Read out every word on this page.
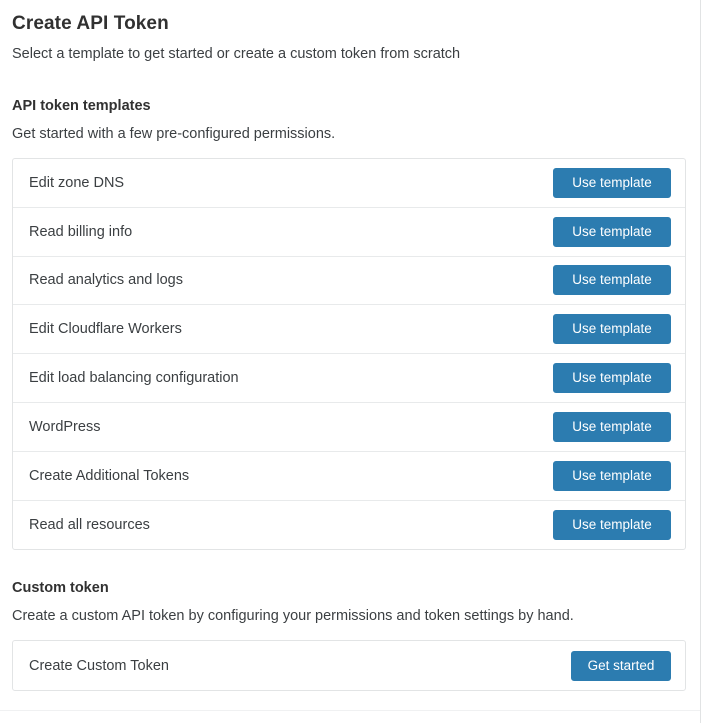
Create API Token

Select a template to get started or create a custom token from scratch

API token templates

Get started with a few pre-configured permissions.

Edit zone DNS	Use template
Read billing info	Use template
Read analytics and logs	Use template
Edit Cloudflare Workers	Use template
Edit load balancing configuration	Use template
WordPress	Use template
Create Additional Tokens	Use template
Read all resources	Use template
Custom token

Create a custom API token by configuring your permissions and token settings by hand.

Create Custom Token	Get started
